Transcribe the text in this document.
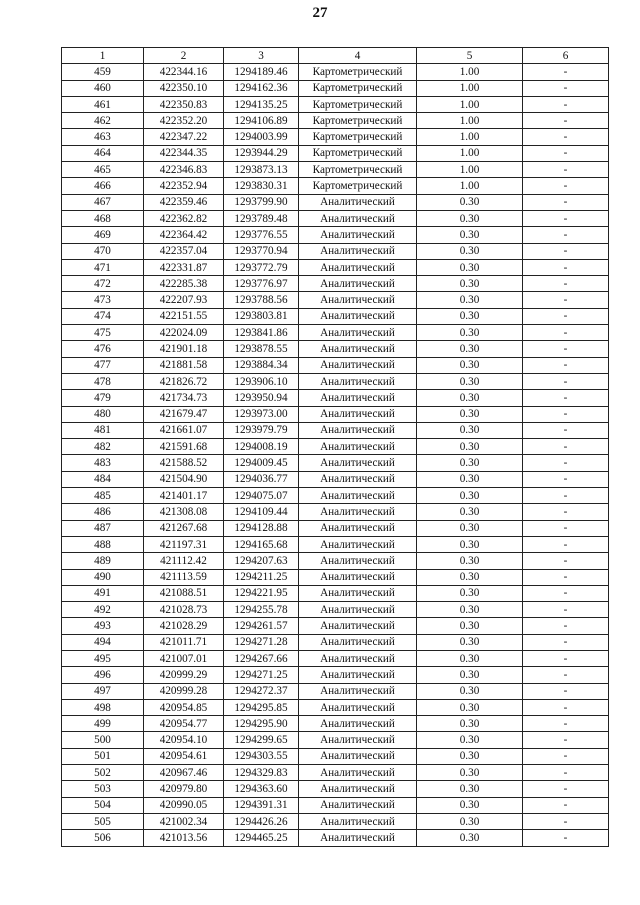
27
1	2	3	4	5	6
459	422344.16	1294189.46	Картометрический	1.00	-
460	422350.10	1294162.36	Картометрический	1.00	-
461	422350.83	1294135.25	Картометрический	1.00	-
462	422352.20	1294106.89	Картометрический	1.00	-
463	422347.22	1294003.99	Картометрический	1.00	-
464	422344.35	1293944.29	Картометрический	1.00	-
465	422346.83	1293873.13	Картометрический	1.00	-
466	422352.94	1293830.31	Картометрический	1.00	-
467	422359.46	1293799.90	Аналитический	0.30	-
468	422362.82	1293789.48	Аналитический	0.30	-
469	422364.42	1293776.55	Аналитический	0.30	-
470	422357.04	1293770.94	Аналитический	0.30	-
471	422331.87	1293772.79	Аналитический	0.30	-
472	422285.38	1293776.97	Аналитический	0.30	-
473	422207.93	1293788.56	Аналитический	0.30	-
474	422151.55	1293803.81	Аналитический	0.30	-
475	422024.09	1293841.86	Аналитический	0.30	-
476	421901.18	1293878.55	Аналитический	0.30	-
477	421881.58	1293884.34	Аналитический	0.30	-
478	421826.72	1293906.10	Аналитический	0.30	-
479	421734.73	1293950.94	Аналитический	0.30	-
480	421679.47	1293973.00	Аналитический	0.30	-
481	421661.07	1293979.79	Аналитический	0.30	-
482	421591.68	1294008.19	Аналитический	0.30	-
483	421588.52	1294009.45	Аналитический	0.30	-
484	421504.90	1294036.77	Аналитический	0.30	-
485	421401.17	1294075.07	Аналитический	0.30	-
486	421308.08	1294109.44	Аналитический	0.30	-
487	421267.68	1294128.88	Аналитический	0.30	-
488	421197.31	1294165.68	Аналитический	0.30	-
489	421112.42	1294207.63	Аналитический	0.30	-
490	421113.59	1294211.25	Аналитический	0.30	-
491	421088.51	1294221.95	Аналитический	0.30	-
492	421028.73	1294255.78	Аналитический	0.30	-
493	421028.29	1294261.57	Аналитический	0.30	-
494	421011.71	1294271.28	Аналитический	0.30	-
495	421007.01	1294267.66	Аналитический	0.30	-
496	420999.29	1294271.25	Аналитический	0.30	-
497	420999.28	1294272.37	Аналитический	0.30	-
498	420954.85	1294295.85	Аналитический	0.30	-
499	420954.77	1294295.90	Аналитический	0.30	-
500	420954.10	1294299.65	Аналитический	0.30	-
501	420954.61	1294303.55	Аналитический	0.30	-
502	420967.46	1294329.83	Аналитический	0.30	-
503	420979.80	1294363.60	Аналитический	0.30	-
504	420990.05	1294391.31	Аналитический	0.30	-
505	421002.34	1294426.26	Аналитический	0.30	-
506	421013.56	1294465.25	Аналитический	0.30	-
